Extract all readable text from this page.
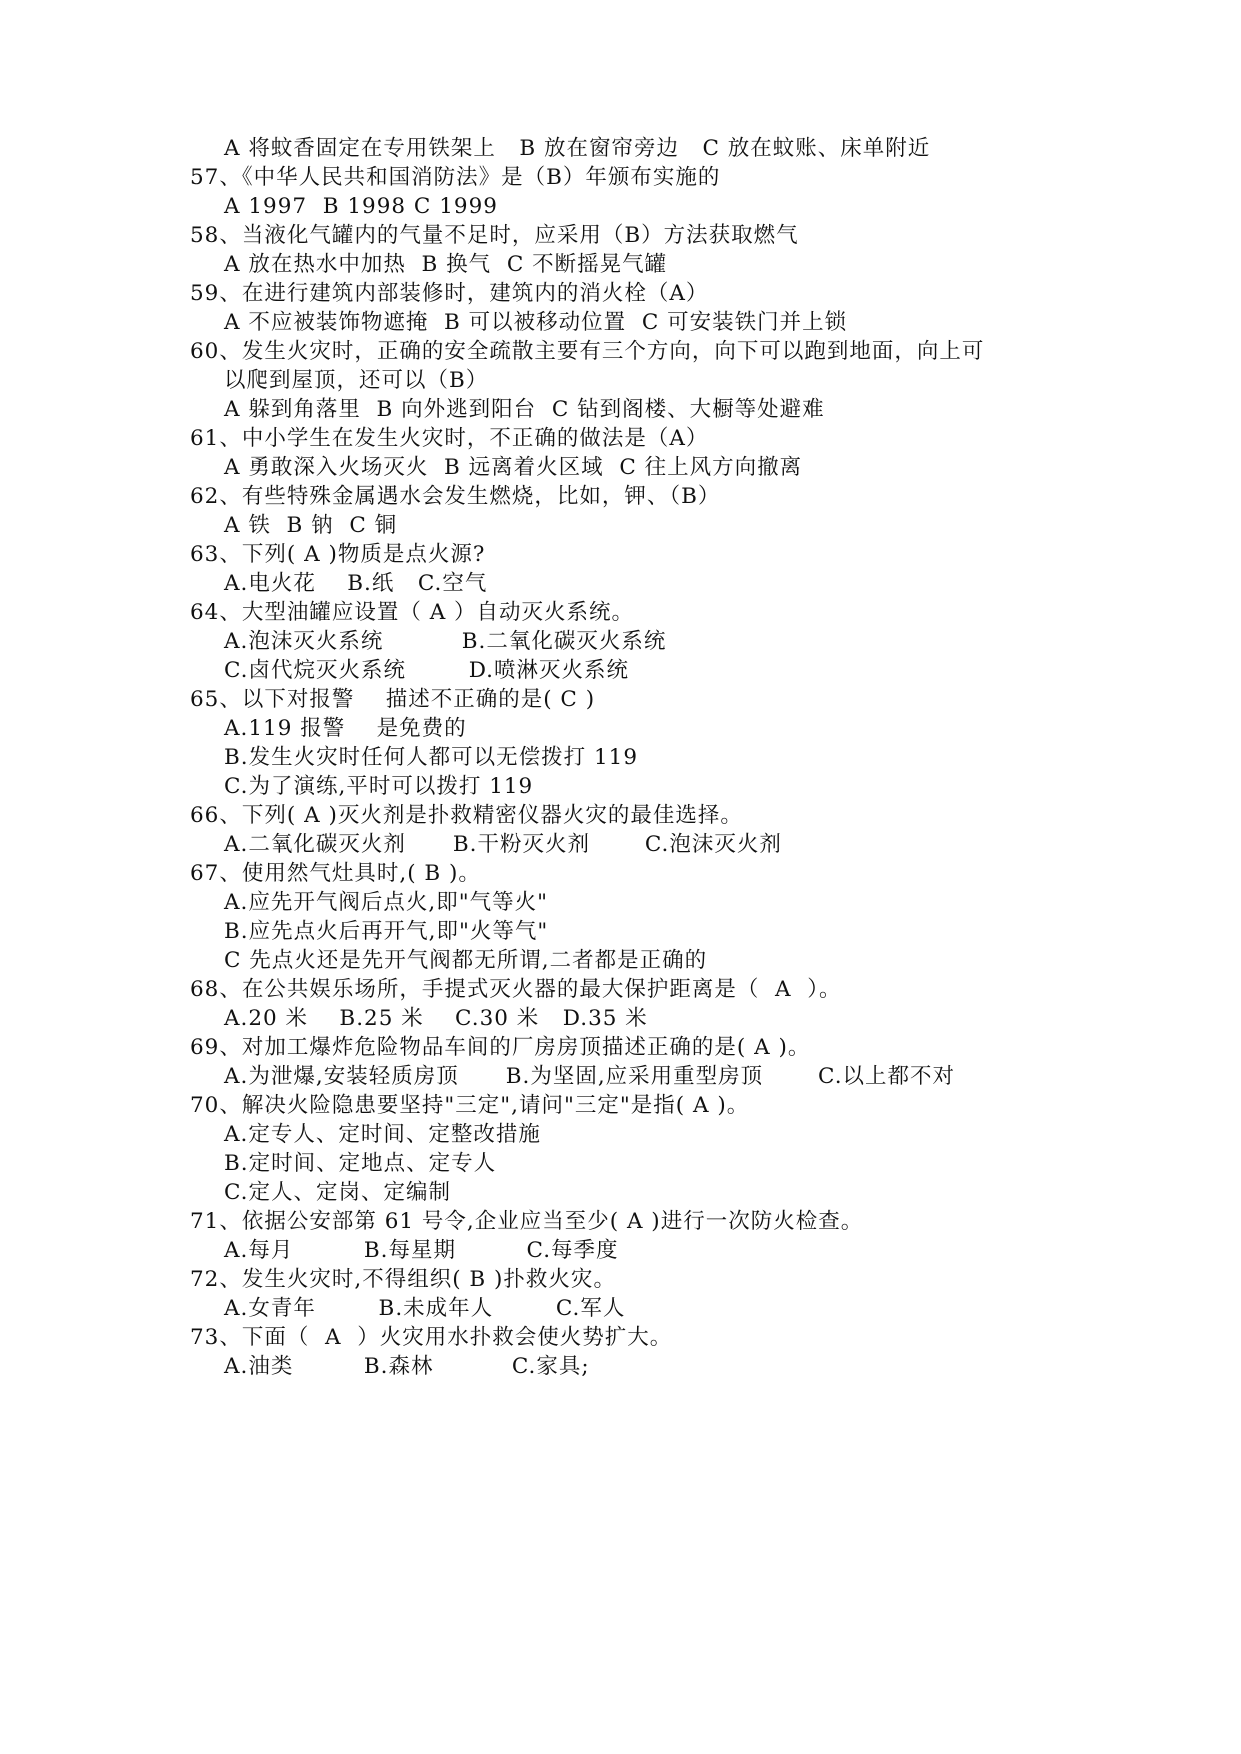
A 将蚊香固定在专用铁架上   B 放在窗帘旁边   C 放在蚊账、床单附近
57、《中华人民共和国消防法》是（B）年颁布实施的
A 1997  B 1998 C 1999
58、当液化气罐内的气量不足时，应采用（B）方法获取燃气
A 放在热水中加热  B 换气  C 不断摇晃气罐
59、在进行建筑内部装修时，建筑内的消火栓（A）
A 不应被装饰物遮掩  B 可以被移动位置  C 可安装铁门并上锁
60、发生火灾时，正确的安全疏散主要有三个方向，向下可以跑到地面，向上可
以爬到屋顶，还可以（B）
A 躲到角落里  B 向外逃到阳台  C 钻到阁楼、大橱等处避难
61、中小学生在发生火灾时，不正确的做法是（A）
A 勇敢深入火场灭火  B 远离着火区域  C 往上风方向撤离
62、有些特殊金属遇水会发生燃烧，比如，钾、（B）
A 铁  B 钠  C 铜
63、下列( A )物质是点火源?
A.电火花    B.纸   C.空气
64、大型油罐应设置（ A ）自动灭火系统。
A.泡沫灭火系统          B.二氧化碳灭火系统
C.卤代烷灭火系统        D.喷淋灭火系统
65、以下对报警    描述不正确的是( C )
A.119 报警    是免费的
B.发生火灾时任何人都可以无偿拨打 119
C.为了演练,平时可以拨打 119
66、下列( A )灭火剂是扑救精密仪器火灾的最佳选择。
A.二氧化碳灭火剂      B.干粉灭火剂       C.泡沫灭火剂
67、使用然气灶具时,( B )。
A.应先开气阀后点火,即"气等火"
B.应先点火后再开气,即"火等气"
C 先点火还是先开气阀都无所谓,二者都是正确的
68、在公共娱乐场所，手提式灭火器的最大保护距离是（  A  ）。
A.20 米    B.25 米    C.30 米   D.35 米
69、对加工爆炸危险物品车间的厂房房顶描述正确的是( A )。
A.为泄爆,安装轻质房顶      B.为坚固,应采用重型房顶       C.以上都不对
70、解决火险隐患要坚持"三定",请问"三定"是指( A )。
A.定专人、定时间、定整改措施
B.定时间、定地点、定专人
C.定人、定岗、定编制
71、依据公安部第 61 号令,企业应当至少( A )进行一次防火检查。
A.每月         B.每星期         C.每季度
72、发生火灾时,不得组织( B )扑救火灾。
A.女青年        B.未成年人        C.军人
73、下面（  A  ）火灾用水扑救会使火势扩大。
A.油类         B.森林          C.家具;
